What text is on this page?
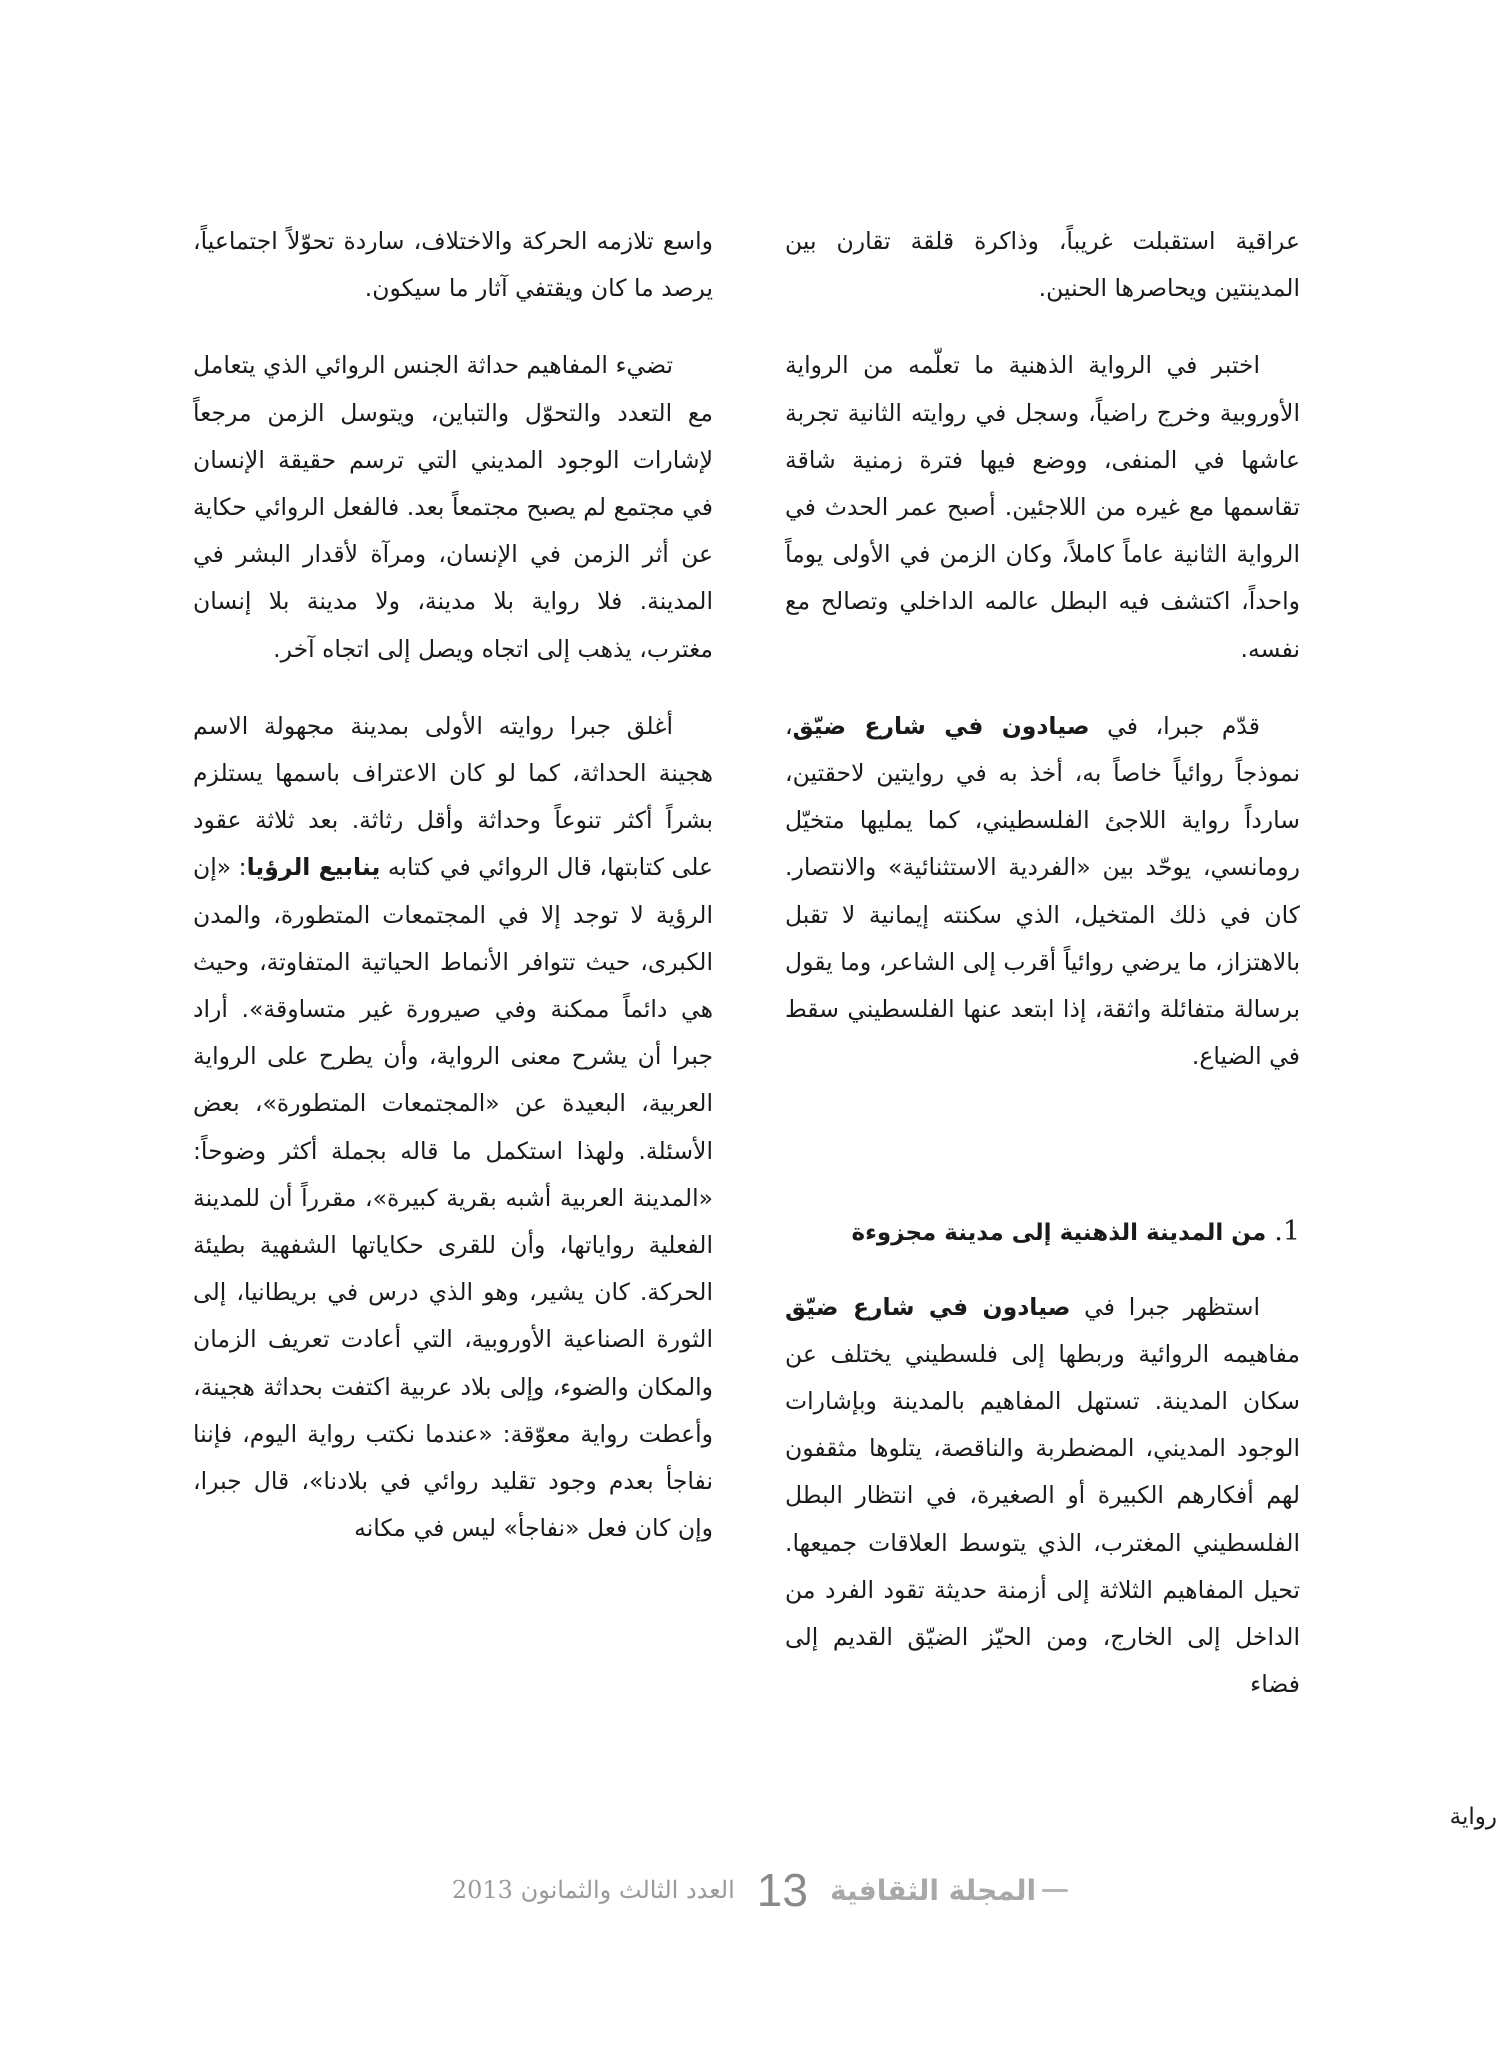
عراقية استقبلت غريباً، وذاكرة قلقة تقارن بين المدينتين ويحاصرها الحنين.

اختبر في الرواية الذهنية ما تعلّمه من الرواية الأوروبية وخرج راضياً، وسجل في روايته الثانية تجربة عاشها في المنفى، ووضع فيها فترة زمنية شاقة تقاسمها مع غيره من اللاجئين. أصبح عمر الحدث في الرواية الثانية عاماً كاملاً، وكان الزمن في الأولى يوماً واحداً، اكتشف فيه البطل عالمه الداخلي وتصالح مع نفسه.

قدّم جبرا، في صيادون في شارع ضيّق، نموذجاً روائياً خاصاً به، أخذ به في روايتين لاحقتين، سارداً رواية اللاجئ الفلسطيني، كما يمليها متخيّل رومانسي، يوحّد بين «الفردية الاستثنائية» والانتصار. كان في ذلك المتخيل، الذي سكنته إيمانية لا تقبل بالاهتزاز، ما يرضي روائياً أقرب إلى الشاعر، وما يقول برسالة متفائلة واثقة، إذا ابتعد عنها الفلسطيني سقط في الضياع.

1. من المدينة الذهنية إلى مدينة مجزوءة

استظهر جبرا في صيادون في شارع ضيّق مفاهيمه الروائية وربطها إلى فلسطيني يختلف عن سكان المدينة. تستهل المفاهيم بالمدينة وبإشارات الوجود المديني، المضطربة والناقصة، يتلوها مثقفون لهم أفكارهم الكبيرة أو الصغيرة، في انتظار البطل الفلسطيني المغترب، الذي يتوسط العلاقات جميعها. تحيل المفاهيم الثلاثة إلى أزمنة حديثة تقود الفرد من الداخل إلى الخارج، ومن الحيّز الضيّق القديم إلى فضاء

واسع تلازمه الحركة والاختلاف، ساردة تحوّلاً اجتماعياً، يرصد ما كان ويقتفي آثار ما سيكون.

تضيء المفاهيم حداثة الجنس الروائي الذي يتعامل مع التعدد والتحوّل والتباين، ويتوسل الزمن مرجعاً لإشارات الوجود المديني التي ترسم حقيقة الإنسان في مجتمع لم يصبح مجتمعاً بعد. فالفعل الروائي حكاية عن أثر الزمن في الإنسان، ومرآة لأقدار البشر في المدينة. فلا رواية بلا مدينة، ولا مدينة بلا إنسان مغترب، يذهب إلى اتجاه ويصل إلى اتجاه آخر.

أغلق جبرا روايته الأولى بمدينة مجهولة الاسم هجينة الحداثة، كما لو كان الاعتراف باسمها يستلزم بشراً أكثر تنوعاً وحداثة وأقل رثاثة. بعد ثلاثة عقود على كتابتها، قال الروائي في كتابه ينابيع الرؤيا: «إن الرؤية لا توجد إلا في المجتمعات المتطورة، والمدن الكبرى، حيث تتوافر الأنماط الحياتية المتفاوتة، وحيث هي دائماً ممكنة وفي صيرورة غير متساوقة». أراد جبرا أن يشرح معنى الرواية، وأن يطرح على الرواية العربية، البعيدة عن «المجتمعات المتطورة»، بعض الأسئلة. ولهذا استكمل ما قاله بجملة أكثر وضوحاً: «المدينة العربية أشبه بقرية كبيرة»، مقرراً أن للمدينة الفعلية رواياتها، وأن للقرى حكاياتها الشفهية بطيئة الحركة. كان يشير، وهو الذي درس في بريطانيا، إلى الثورة الصناعية الأوروبية، التي أعادت تعريف الزمان والمكان والضوء، وإلى بلاد عربية اكتفت بحداثة هجينة، وأعطت رواية معوّقة: «عندما نكتب رواية اليوم، فإننا نفاجأ بعدم وجود تقليد روائي في بلادنا»، قال جبرا، وإن كان فعل «نفاجأ» ليس في مكانه

رواية
العدد الثالث والثمانون 2013 13 المجلة الثقافية
